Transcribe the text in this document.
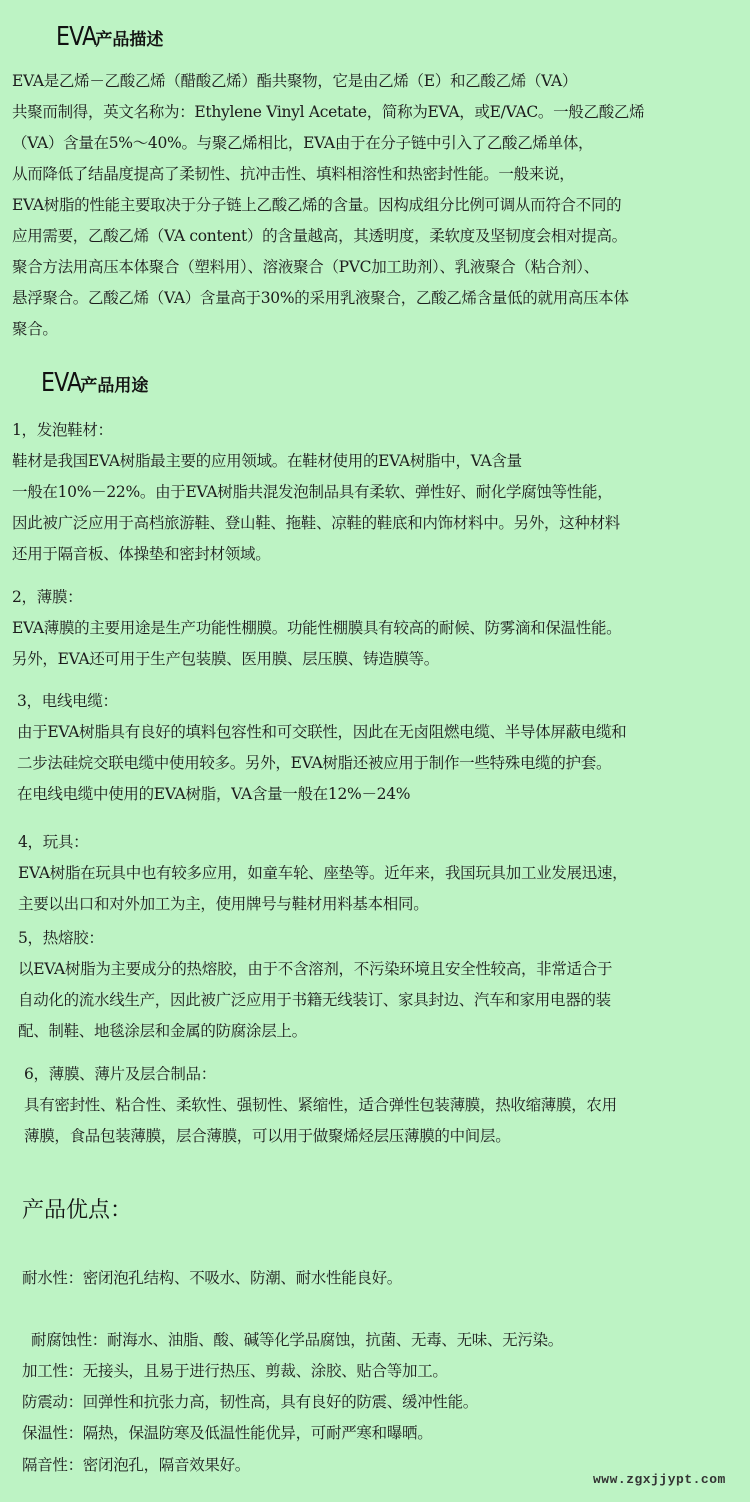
EVA产品描述
EVA是乙烯－乙酸乙烯（醋酸乙烯）酯共聚物，它是由乙烯（E）和乙酸乙烯（VA）
共聚而制得，英文名称为：Ethylene Vinyl Acetate，简称为EVA，或E/VAC。一般乙酸乙烯
（VA）含量在5%～40%。与聚乙烯相比，EVA由于在分子链中引入了乙酸乙烯单体，
从而降低了结晶度提高了柔韧性、抗冲击性、填料相溶性和热密封性能。一般来说，
EVA树脂的性能主要取决于分子链上乙酸乙烯的含量。因构成组分比例可调从而符合不同的
应用需要，乙酸乙烯（VA content）的含量越高，其透明度，柔软度及坚韧度会相对提高。
聚合方法用高压本体聚合（塑料用）、溶液聚合（PVC加工助剂）、乳液聚合（粘合剂）、
悬浮聚合。乙酸乙烯（VA）含量高于30%的采用乳液聚合，乙酸乙烯含量低的就用高压本体
聚合。
EVA产品用途
1，发泡鞋材：
鞋材是我国EVA树脂最主要的应用领域。在鞋材使用的EVA树脂中，VA含量
一般在10%－22%。由于EVA树脂共混发泡制品具有柔软、弹性好、耐化学腐蚀等性能，
因此被广泛应用于高档旅游鞋、登山鞋、拖鞋、凉鞋的鞋底和内饰材料中。另外，这种材料
还用于隔音板、体操垫和密封材领域。
2，薄膜：
EVA薄膜的主要用途是生产功能性棚膜。功能性棚膜具有较高的耐候、防雾滴和保温性能。
另外，EVA还可用于生产包装膜、医用膜、层压膜、铸造膜等。
3，电线电缆：
由于EVA树脂具有良好的填料包容性和可交联性，因此在无卤阻燃电缆、半导体屏蔽电缆和
二步法硅烷交联电缆中使用较多。另外，EVA树脂还被应用于制作一些特殊电缆的护套。
在电线电缆中使用的EVA树脂，VA含量一般在12%－24%
4，玩具：
EVA树脂在玩具中也有较多应用，如童车轮、座垫等。近年来，我国玩具加工业发展迅速，
主要以出口和对外加工为主，使用牌号与鞋材用料基本相同。
5，热熔胶：
以EVA树脂为主要成分的热熔胶，由于不含溶剂，不污染环境且安全性较高，非常适合于
自动化的流水线生产，因此被广泛应用于书籍无线装订、家具封边、汽车和家用电器的装
配、制鞋、地毯涂层和金属的防腐涂层上。
6，薄膜、薄片及层合制品：
具有密封性、粘合性、柔软性、强韧性、紧缩性，适合弹性包装薄膜，热收缩薄膜，农用
薄膜，食品包装薄膜，层合薄膜，可以用于做聚烯烃层压薄膜的中间层。
产品优点：
耐水性：密闭泡孔结构、不吸水、防潮、耐水性能良好。
耐腐蚀性：耐海水、油脂、酸、碱等化学品腐蚀，抗菌、无毒、无味、无污染。
加工性：无接头，且易于进行热压、剪裁、涂胶、贴合等加工。
防震动：回弹性和抗张力高，韧性高，具有良好的防震、缓冲性能。
保温性：隔热，保温防寒及低温性能优异，可耐严寒和曝晒。
隔音性：密闭泡孔，隔音效果好。
www.zgxjjypt.com
